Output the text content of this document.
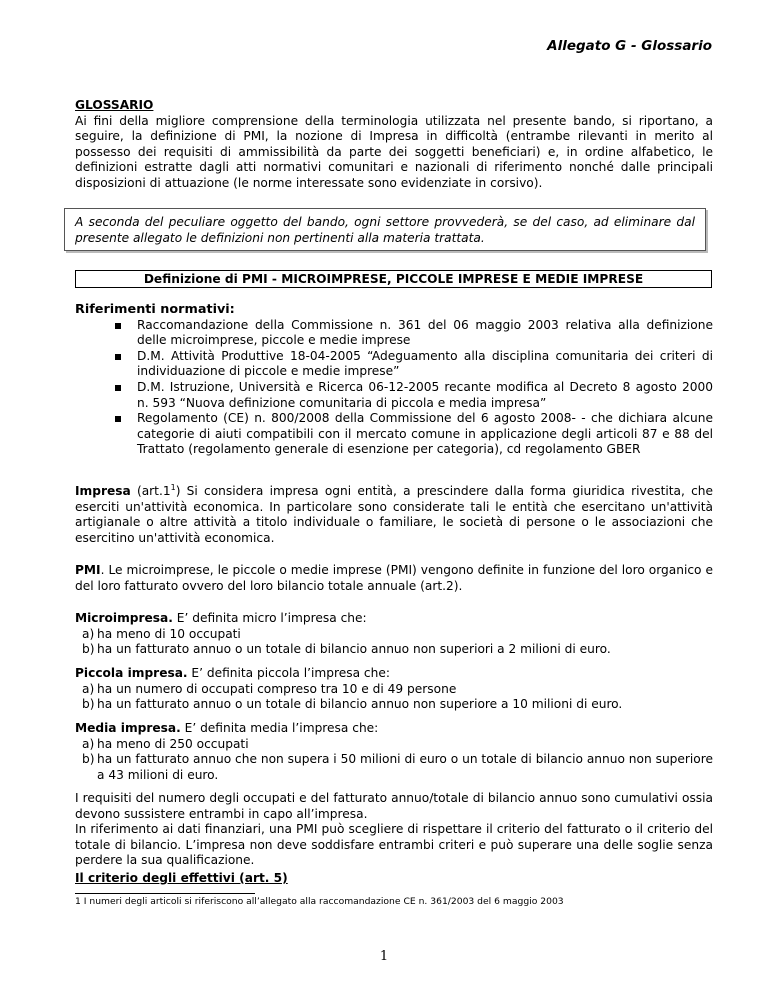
Allegato G - Glossario
GLOSSARIO
Ai fini della migliore comprensione della terminologia utilizzata nel presente bando, si riportano, a seguire, la definizione di PMI, la nozione di Impresa in difficoltà (entrambe rilevanti in merito al possesso dei requisiti di ammissibilità da parte dei soggetti beneficiari) e, in ordine alfabetico, le definizioni estratte dagli atti normativi comunitari e nazionali di riferimento nonché dalle principali disposizioni di attuazione (le norme interessate sono evidenziate in corsivo).
A seconda del peculiare oggetto del bando, ogni settore provvederà, se del caso, ad eliminare dal presente allegato le definizioni non pertinenti alla materia trattata.
Definizione di PMI - MICROIMPRESE, PICCOLE IMPRESE E MEDIE IMPRESE
Riferimenti normativi:
Raccomandazione della Commissione n. 361 del 06 maggio 2003 relativa alla definizione delle microimprese, piccole e medie imprese
D.M. Attività Produttive 18-04-2005 “Adeguamento alla disciplina comunitaria dei criteri di individuazione di piccole e medie imprese”
D.M. Istruzione, Università e Ricerca 06-12-2005 recante modifica al Decreto 8 agosto 2000 n. 593 “Nuova definizione comunitaria di piccola e media impresa”
Regolamento (CE) n. 800/2008 della Commissione del 6 agosto 2008- - che dichiara alcune categorie di aiuti compatibili con il mercato comune in applicazione degli articoli 87 e 88 del Trattato (regolamento generale di esenzione per categoria), cd regolamento GBER
Impresa $(art.1^1)$ Si considera impresa ogni entità, a prescindere dalla forma giuridica rivestita, che eserciti un'attività economica. In particolare sono considerate tali le entità che esercitano un'attività artigianale o altre attività a titolo individuale o familiare, le società di persone o le associazioni che esercitino un'attività economica.
PMI. Le microimprese, le piccole o medie imprese (PMI) vengono definite in funzione del loro organico e del loro fatturato ovvero del loro bilancio totale annuale (art.2).
Microimpresa. E’ definita micro l’impresa che:
a) ha meno di 10 occupati
b) ha un fatturato annuo o un totale di bilancio annuo non superiori a 2 milioni di euro.
Piccola impresa. E’ definita piccola l’impresa che:
a) ha un numero di occupati compreso tra 10 e di 49 persone
b) ha un fatturato annuo o un totale di bilancio annuo non superiore a 10 milioni di euro.
Media impresa. E’ definita media l’impresa che:
a) ha meno di 250 occupati
b) ha un fatturato annuo che non supera i 50 milioni di euro o un totale di bilancio annuo non superiore a 43 milioni di euro.
I requisiti del numero degli occupati e del fatturato annuo/totale di bilancio annuo sono cumulativi ossia devono sussistere entrambi in capo all’impresa.
In riferimento ai dati finanziari, una PMI può scegliere di rispettare il criterio del fatturato o il criterio del totale di bilancio. L’impresa non deve soddisfare entrambi criteri e può superare una delle soglie senza perdere la sua qualificazione.
Il criterio degli effettivi (art. 5)
1 I numeri degli articoli si riferiscono all’allegato alla raccomandazione CE n. 361/2003 del 6 maggio 2003
1
